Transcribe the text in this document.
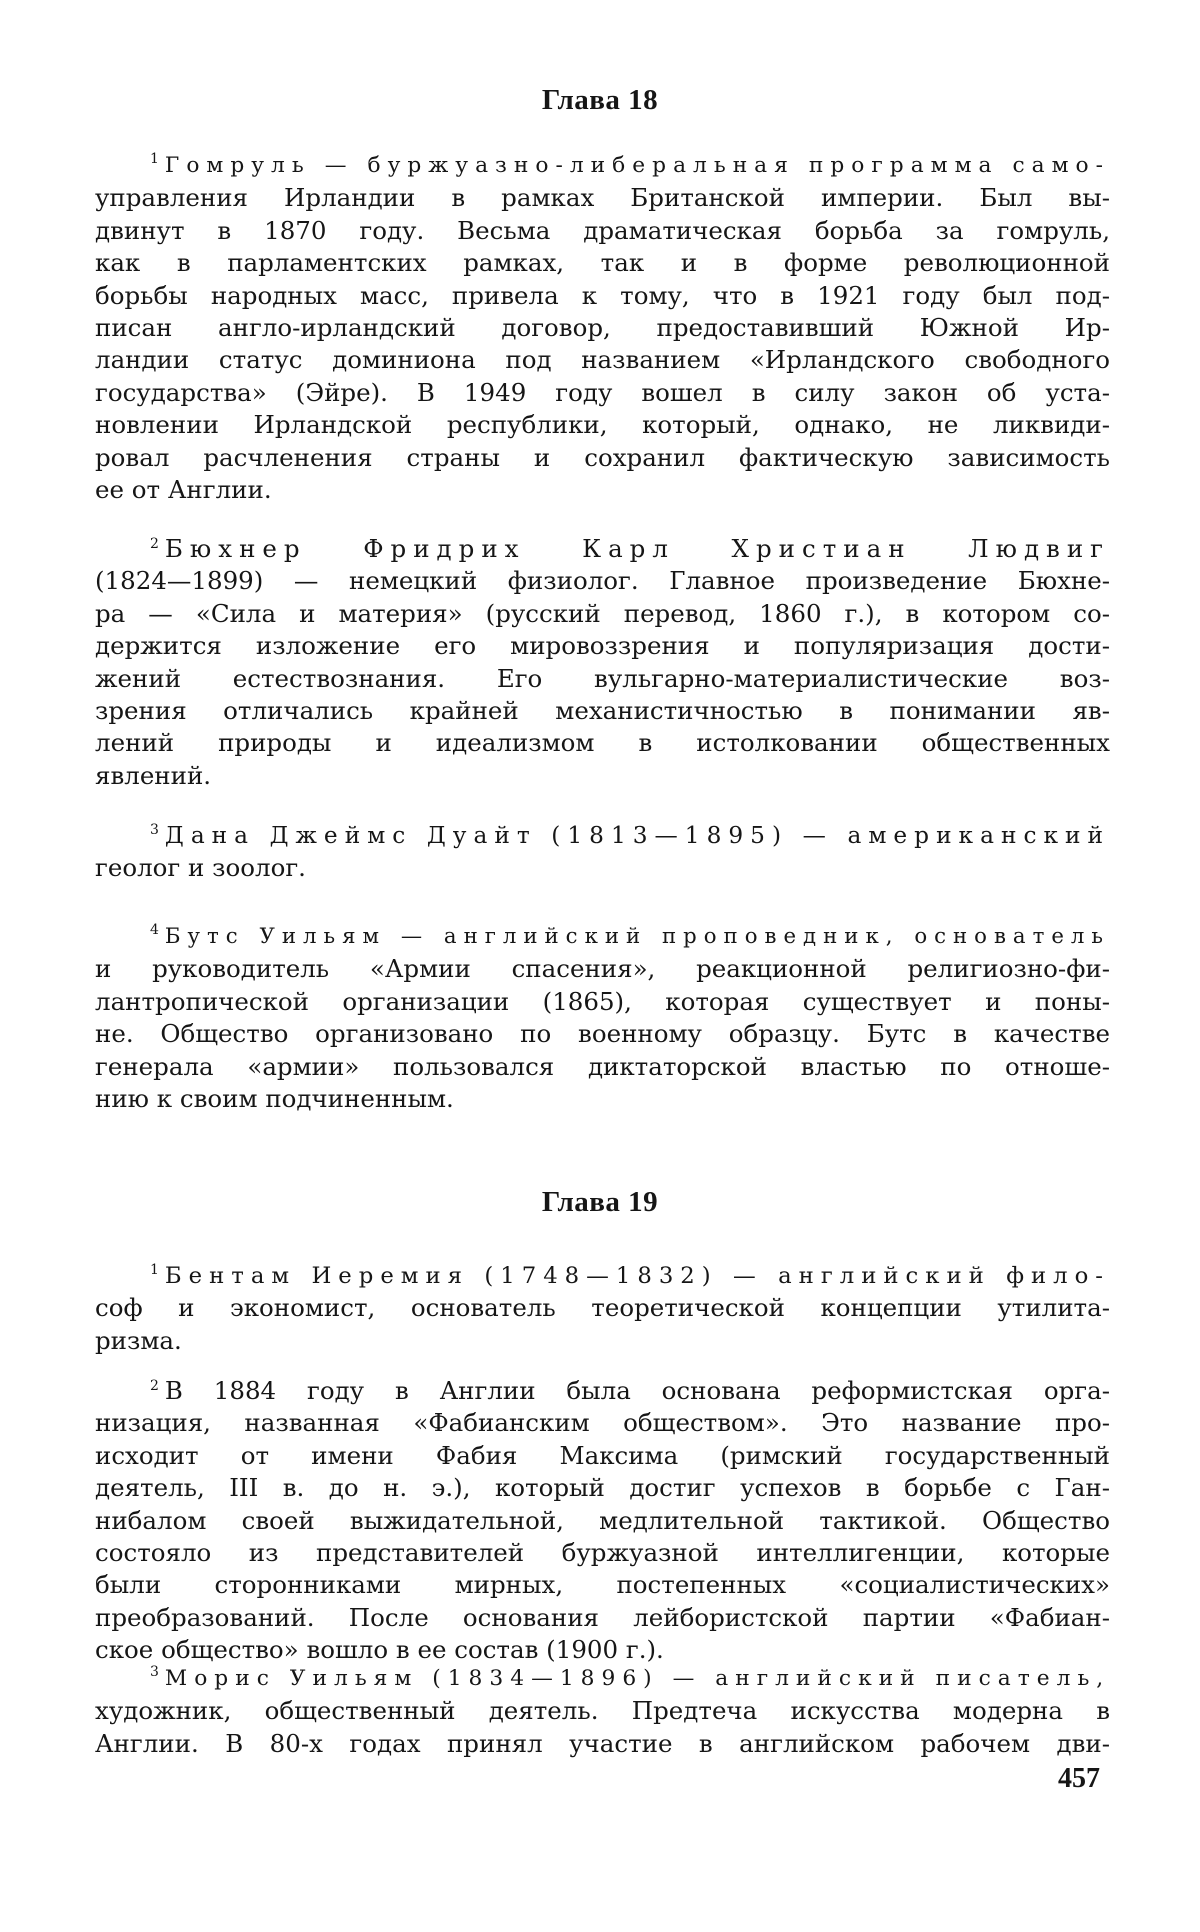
Глава 18
$^1$ Гомруль — буржуазно-либеральная программа само-
управления Ирландии в рамках Британской империи. Был вы-
двинут в 1870 году. Весьма драматическая борьба за гомруль,
как в парламентских рамках, так и в форме революционной
борьбы народных масс, привела к тому, что в 1921 году был под-
писан англо-ирландский договор, предоставивший Южной Ир-
ландии статус доминиона под названием «Ирландского свободного
государства» (Эйре). В 1949 году вошел в силу закон об уста-
новлении Ирландской республики, который, однако, не ликвиди-
ровал расчленения страны и сохранил фактическую зависимость
ее от Англии.
$^2$ Бюхнер Фридрих Карл Христиан Людвиг
(1824—1899) — немецкий физиолог. Главное произведение Бюхне-
ра — «Сила и материя» (русский перевод, 1860 г.), в котором со-
держится изложение его мировоззрения и популяризация дости-
жений естествознания. Его вульгарно-материалистические воз-
зрения отличались крайней механистичностью в понимании яв-
лений природы и идеализмом в истолковании общественных
явлений.
$^3$ Дана Джеймс Дуайт (1813—1895) — американский
геолог и зоолог.
$^4$ Бутс Уильям — английский проповедник, основатель
и руководитель «Армии спасения», реакционной религиозно-фи-
лантропической организации (1865), которая существует и поны-
не. Общество организовано по военному образцу. Бутс в качестве
генерала «армии» пользовался диктаторской властью по отноше-
нию к своим подчиненным.
Глава 19
$^1$ Бентам Иеремия (1748—1832) — английский фило-
соф и экономист, основатель теоретической концепции утилита-
ризма.
$^2$ В 1884 году в Англии была основана реформистская орга-
низация, названная «Фабианским обществом». Это название про-
исходит от имени Фабия Максима (римский государственный
деятель, III в. до н. э.), который достиг успехов в борьбе с Ган-
нибалом своей выжидательной, медлительной тактикой. Общество
состояло из представителей буржуазной интеллигенции, которые
были сторонниками мирных, постепенных «социалистических»
преобразований. После основания лейбористской партии «Фабиан-
ское общество» вошло в ее состав (1900 г.).
$^3$ Морис Уильям (1834—1896) — английский писатель,
художник, общественный деятель. Предтеча искусства модерна в
Англии. В 80-х годах принял участие в английском рабочем дви-
457
